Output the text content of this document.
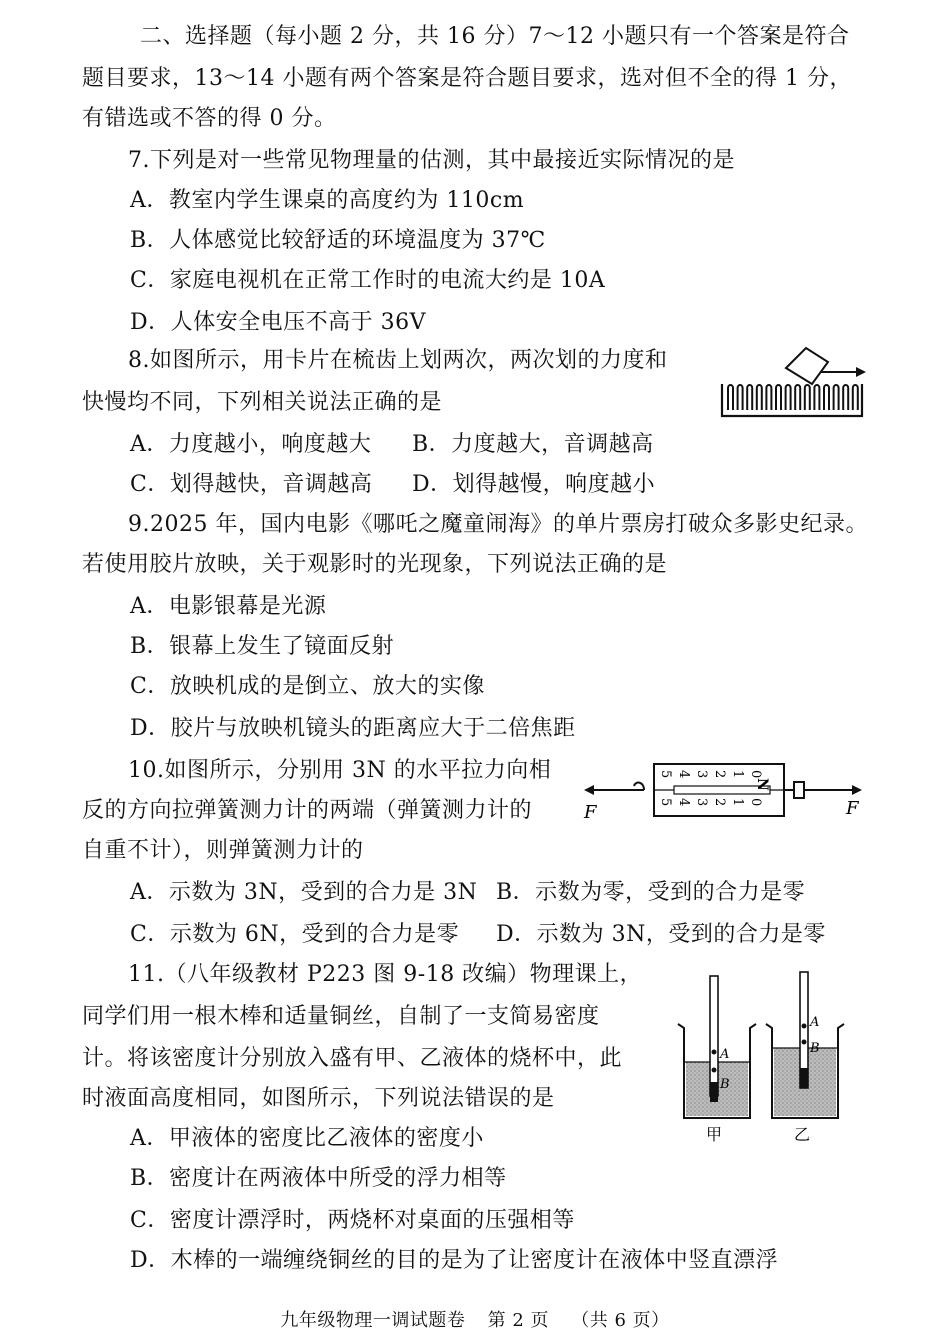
二、选择题（每小题 2 分，共 16 分）7～12 小题只有一个答案是符合
题目要求，13～14 小题有两个答案是符合题目要求，选对但不全的得 1 分，
有错选或不答的得 0 分。
7.下列是对一些常见物理量的估测，其中最接近实际情况的是
A．教室内学生课桌的高度约为 110cm
B．人体感觉比较舒适的环境温度为 37℃
C．家庭电视机在正常工作时的电流大约是 10A
D．人体安全电压不高于 36V
8.如图所示，用卡片在梳齿上划两次，两次划的力度和
快慢均不同，下列相关说法正确的是
A．力度越小，响度越大 B．力度越大，音调越高
C．划得越快，音调越高 D．划得越慢，响度越小
9.2025 年，国内电影《哪吒之魔童闹海》的单片票房打破众多影史纪录。
若使用胶片放映，关于观影时的光现象，下列说法正确的是
A．电影银幕是光源
B．银幕上发生了镜面反射
C．放映机成的是倒立、放大的实像
D．胶片与放映机镜头的距离应大于二倍焦距
10.如图所示，分别用 3N 的水平拉力向相
反的方向拉弹簧测力计的两端（弹簧测力计的
自重不计），则弹簧测力计的
A．示数为 3N，受到的合力是 3N B．示数为零，受到的合力是零
C．示数为 6N，受到的合力是零 D．示数为 3N，受到的合力是零
F
5 4 3 2 1 0
5 4 3 2 1 0
N
F
11.（八年级教材 P223 图 9-18 改编）物理课上，
同学们用一根木棒和适量铜丝，自制了一支简易密度
计。将该密度计分别放入盛有甲、乙液体的烧杯中，此
时液面高度相同，如图所示，下列说法错误的是
A．甲液体的密度比乙液体的密度小
B．密度计在两液体中所受的浮力相等
C．密度计漂浮时，两烧杯对桌面的压强相等
D．木棒的一端缠绕铜丝的目的是为了让密度计在液体中竖直漂浮
A
B
甲
A
B
乙
九年级物理一调试题卷 第 2 页 （共 6 页）
